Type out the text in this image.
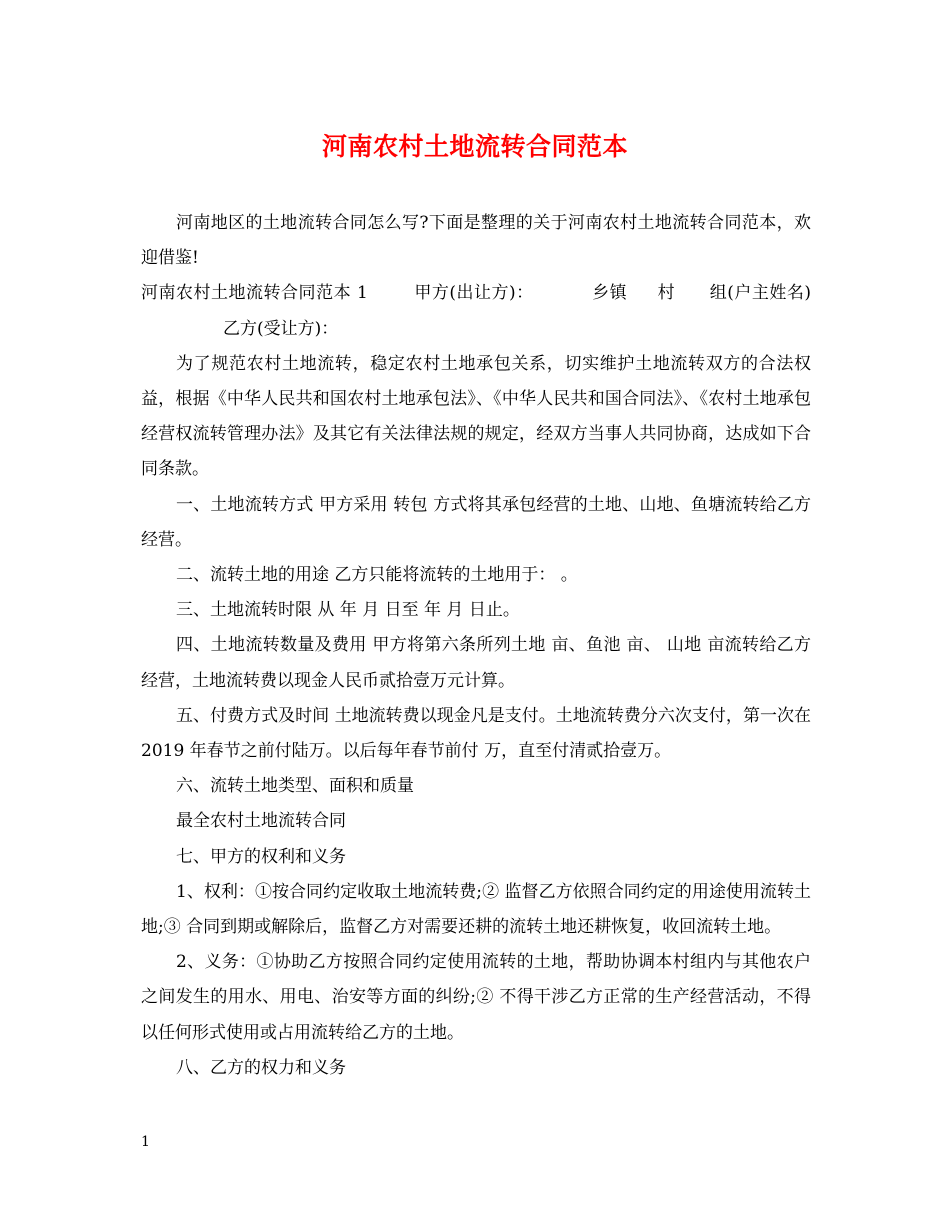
河南农村土地流转合同范本

河南地区的土地流转合同怎么写?下面是整理的关于河南农村土地流转合同范本，欢迎借鉴!

河南农村土地流转合同范本 1	甲方(出让方)：	乡镇 村 组(户主姓名)乙方(受让方)：

为了规范农村土地流转，稳定农村土地承包关系，切实维护土地流转双方的合法权益，根据《中华人民共和国农村土地承包法》、《中华人民共和国合同法》、《农村土地承包经营权流转管理办法》及其它有关法律法规的规定，经双方当事人共同协商，达成如下合同条款。

一、土地流转方式 甲方采用 转包 方式将其承包经营的土地、山地、鱼塘流转给乙方经营。

二、流转土地的用途 乙方只能将流转的土地用于： 。

三、土地流转时限 从 年 月 日至 年 月 日止。

四、土地流转数量及费用 甲方将第六条所列土地 亩、鱼池 亩、 山地 亩流转给乙方经营，土地流转费以现金人民币贰拾壹万元计算。

五、付费方式及时间 土地流转费以现金凡是支付。土地流转费分六次支付，第一次在2019 年春节之前付陆万。以后每年春节前付 万，直至付清贰拾壹万。

六、流转土地类型、面积和质量

最全农村土地流转合同

七、甲方的权利和义务

1、权利：①按合同约定收取土地流转费;② 监督乙方依照合同约定的用途使用流转土地;③ 合同到期或解除后，监督乙方对需要还耕的流转土地还耕恢复，收回流转土地。

2、义务：①协助乙方按照合同约定使用流转的土地，帮助协调本村组内与其他农户之间发生的用水、用电、治安等方面的纠纷;② 不得干涉乙方正常的生产经营活动，不得以任何形式使用或占用流转给乙方的土地。

八、乙方的权力和义务

1
